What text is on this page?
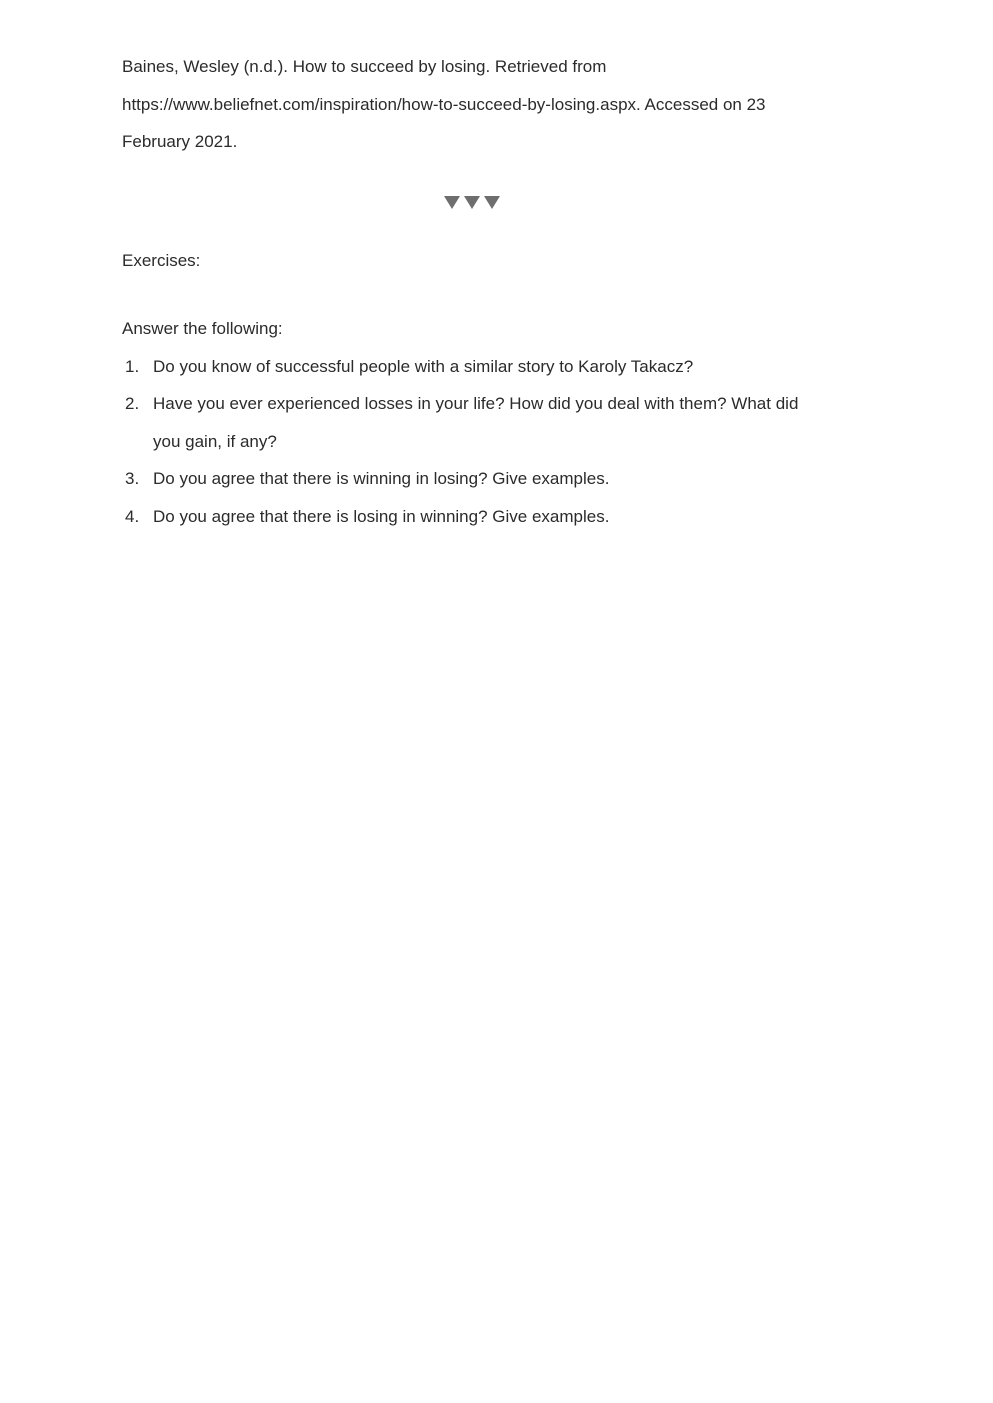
Baines, Wesley (n.d.). How to succeed by losing. Retrieved from
https://www.beliefnet.com/inspiration/how-to-succeed-by-losing.aspx. Accessed on 23
February 2021.
Exercises:
Answer the following:
1. Do you know of successful people with a similar story to Karoly Takacz?
2. Have you ever experienced losses in your life? How did you deal with them? What did you gain, if any?
3. Do you agree that there is winning in losing? Give examples.
4. Do you agree that there is losing in winning? Give examples.
